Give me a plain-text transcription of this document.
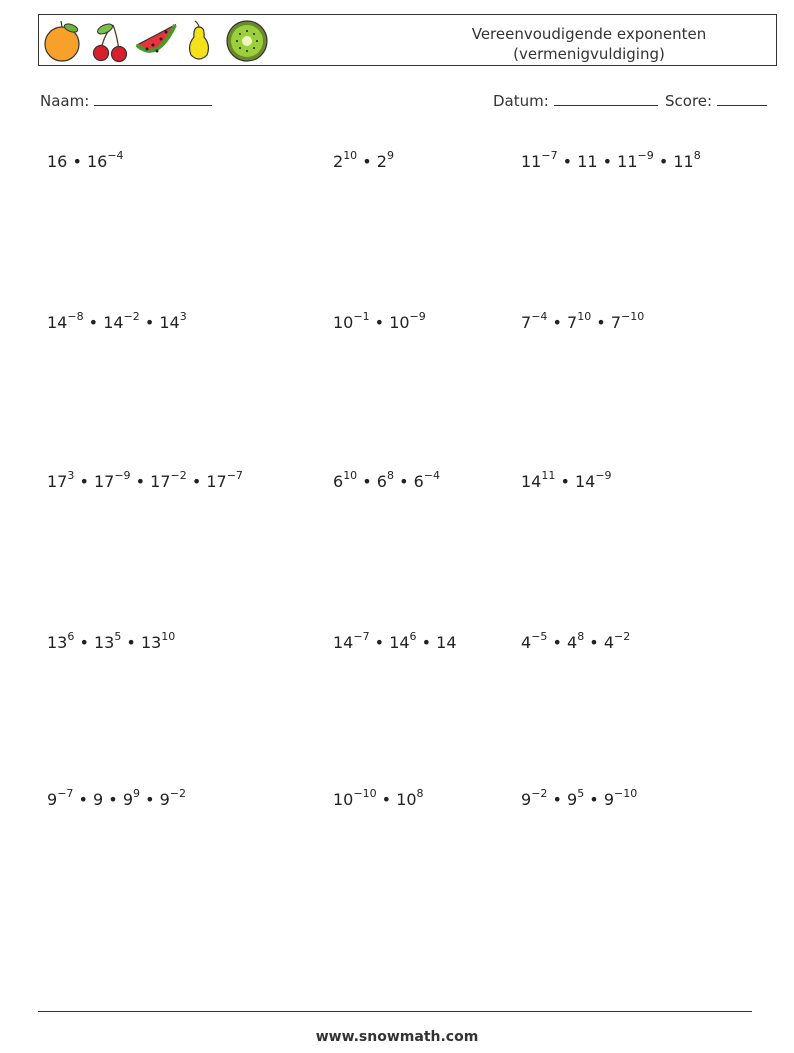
Vereenvoudigende exponenten
(vermenigvuldiging)
Naam:	Datum:	Score:
16 • $16^{-4}$	$2^{10}$ • $2^9$	$11^{-7}$ • 11 • $11^{-9}$ • $11^8$
$14^{-8}$ • $14^{-2}$ • $14^3$	$10^{-1}$ • $10^{-9}$	$7^{-4}$ • $7^{10}$ • $7^{-10}$
$17^3$ • $17^{-9}$ • $17^{-2}$ • $17^{-7}$	$6^{10}$ • $6^8$ • $6^{-4}$	$14^{11}$ • $14^{-9}$
$13^6$ • $13^5$ • $13^{10}$	$14^{-7}$ • $14^6$ • 14	$4^{-5}$ • $4^8$ • $4^{-2}$
$9^{-7}$ • 9 • $9^9$ • $9^{-2}$	$10^{-10}$ • $10^8$	$9^{-2}$ • $9^5$ • $9^{-10}$
www.snowmath.com
